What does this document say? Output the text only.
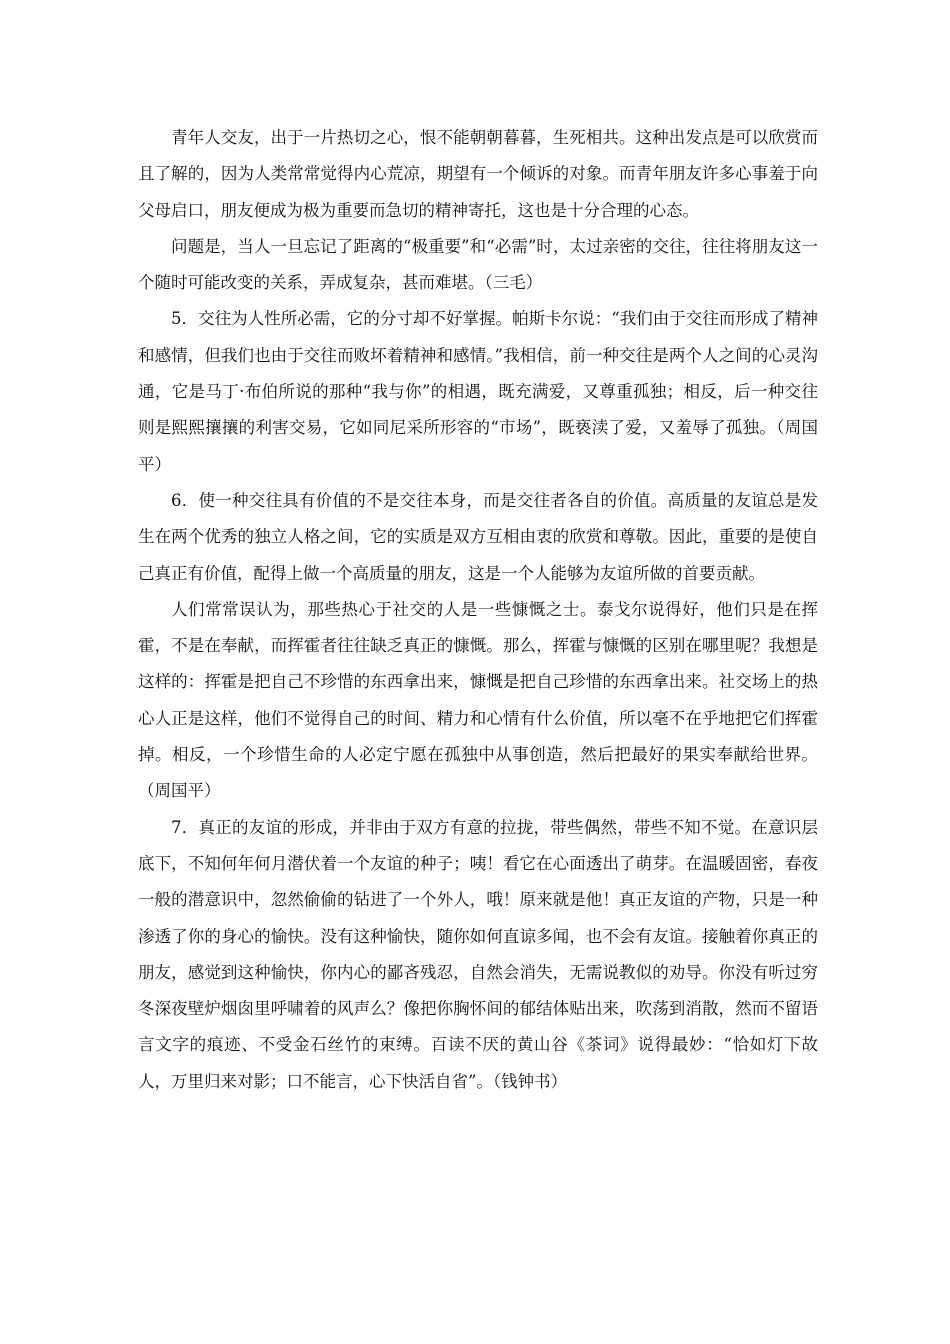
青年人交友，出于一片热切之心，恨不能朝朝暮暮，生死相共。这种出发点是可以欣赏而且了解的，因为人类常常觉得内心荒凉，期望有一个倾诉的对象。而青年朋友许多心事羞于向父母启口，朋友便成为极为重要而急切的精神寄托，这也是十分合理的心态。

问题是，当人一旦忘记了距离的“极重要”和“必需”时，太过亲密的交往，往往将朋友这一个随时可能改变的关系，弄成复杂，甚而难堪。（三毛）

5．交往为人性所必需，它的分寸却不好掌握。帕斯卡尔说：“我们由于交往而形成了精神和感情，但我们也由于交往而败坏着精神和感情。”我相信，前一种交往是两个人之间的心灵沟通，它是马丁·布伯所说的那种“我与你”的相遇，既充满爱，又尊重孤独；相反，后一种交往则是熙熙攘攘的利害交易，它如同尼采所形容的“市场”，既亵渎了爱，又羞辱了孤独。（周国平）

6．使一种交往具有价值的不是交往本身，而是交往者各自的价值。高质量的友谊总是发生在两个优秀的独立人格之间，它的实质是双方互相由衷的欣赏和尊敬。因此，重要的是使自己真正有价值，配得上做一个高质量的朋友，这是一个人能够为友谊所做的首要贡献。

人们常常误认为，那些热心于社交的人是一些慷慨之士。泰戈尔说得好，他们只是在挥霍，不是在奉献，而挥霍者往往缺乏真正的慷慨。那么，挥霍与慷慨的区别在哪里呢？我想是这样的：挥霍是把自己不珍惜的东西拿出来，慷慨是把自己珍惜的东西拿出来。社交场上的热心人正是这样，他们不觉得自己的时间、精力和心情有什么价值，所以毫不在乎地把它们挥霍掉。相反，一个珍惜生命的人必定宁愿在孤独中从事创造，然后把最好的果实奉献给世界。（周国平）

7．真正的友谊的形成，并非由于双方有意的拉拢，带些偶然，带些不知不觉。在意识层底下，不知何年何月潜伏着一个友谊的种子；咦！看它在心面透出了萌芽。在温暖固密，春夜一般的潜意识中，忽然偷偷的钻进了一个外人，哦！原来就是他！真正友谊的产物，只是一种渗透了你的身心的愉快。没有这种愉快，随你如何直谅多闻，也不会有友谊。接触着你真正的朋友，感觉到这种愉快，你内心的鄙吝残忍，自然会消失，无需说教似的劝导。你没有听过穷冬深夜壁炉烟囱里呼啸着的风声么？像把你胸怀间的郁结体贴出来，吹荡到消散，然而不留语言文字的痕迹、不受金石丝竹的束缚。百读不厌的黄山谷《茶词》说得最妙：“恰如灯下故人，万里归来对影；口不能言，心下快活自省”。（钱钟书）
